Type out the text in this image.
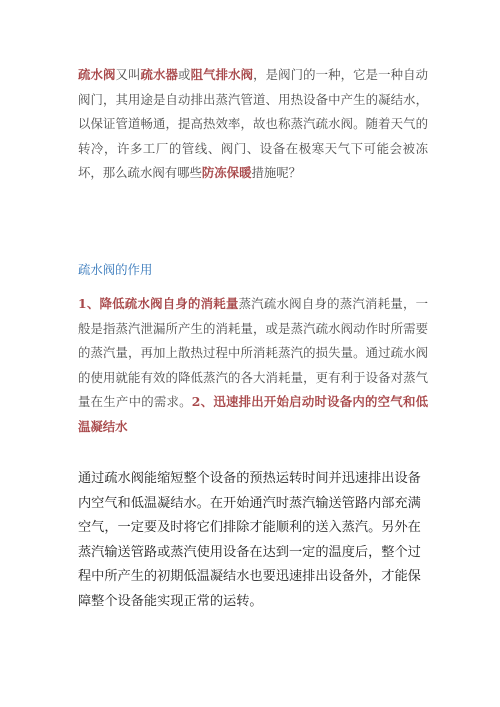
疏水阀又叫疏水器或阻气排水阀，是阀门的一种，它是一种自动阀门，其用途是自动排出蒸汽管道、用热设备中产生的凝结水，以保证管道畅通，提高热效率，故也称蒸汽疏水阀。随着天气的转冷，许多工厂的管线、阀门、设备在极寒天气下可能会被冻坏，那么疏水阀有哪些防冻保暖措施呢？

疏水阀的作用

1、降低疏水阀自身的消耗量蒸汽疏水阀自身的蒸汽消耗量，一般是指蒸汽泄漏所产生的消耗量，或是蒸汽疏水阀动作时所需要的蒸汽量，再加上散热过程中所消耗蒸汽的损失量。通过疏水阀的使用就能有效的降低蒸汽的各大消耗量，更有利于设备对蒸气量在生产中的需求。2、迅速排出开始启动时设备内的空气和低温凝结水

通过疏水阀能缩短整个设备的预热运转时间并迅速排出设备内空气和低温凝结水。在开始通汽时蒸汽输送管路内部充满空气，一定要及时将它们排除才能顺利的送入蒸汽。另外在蒸汽输送管路或蒸汽使用设备在达到一定的温度后，整个过程中所产生的初期低温凝结水也要迅速排出设备外，才能保障整个设备能实现正常的运转。
